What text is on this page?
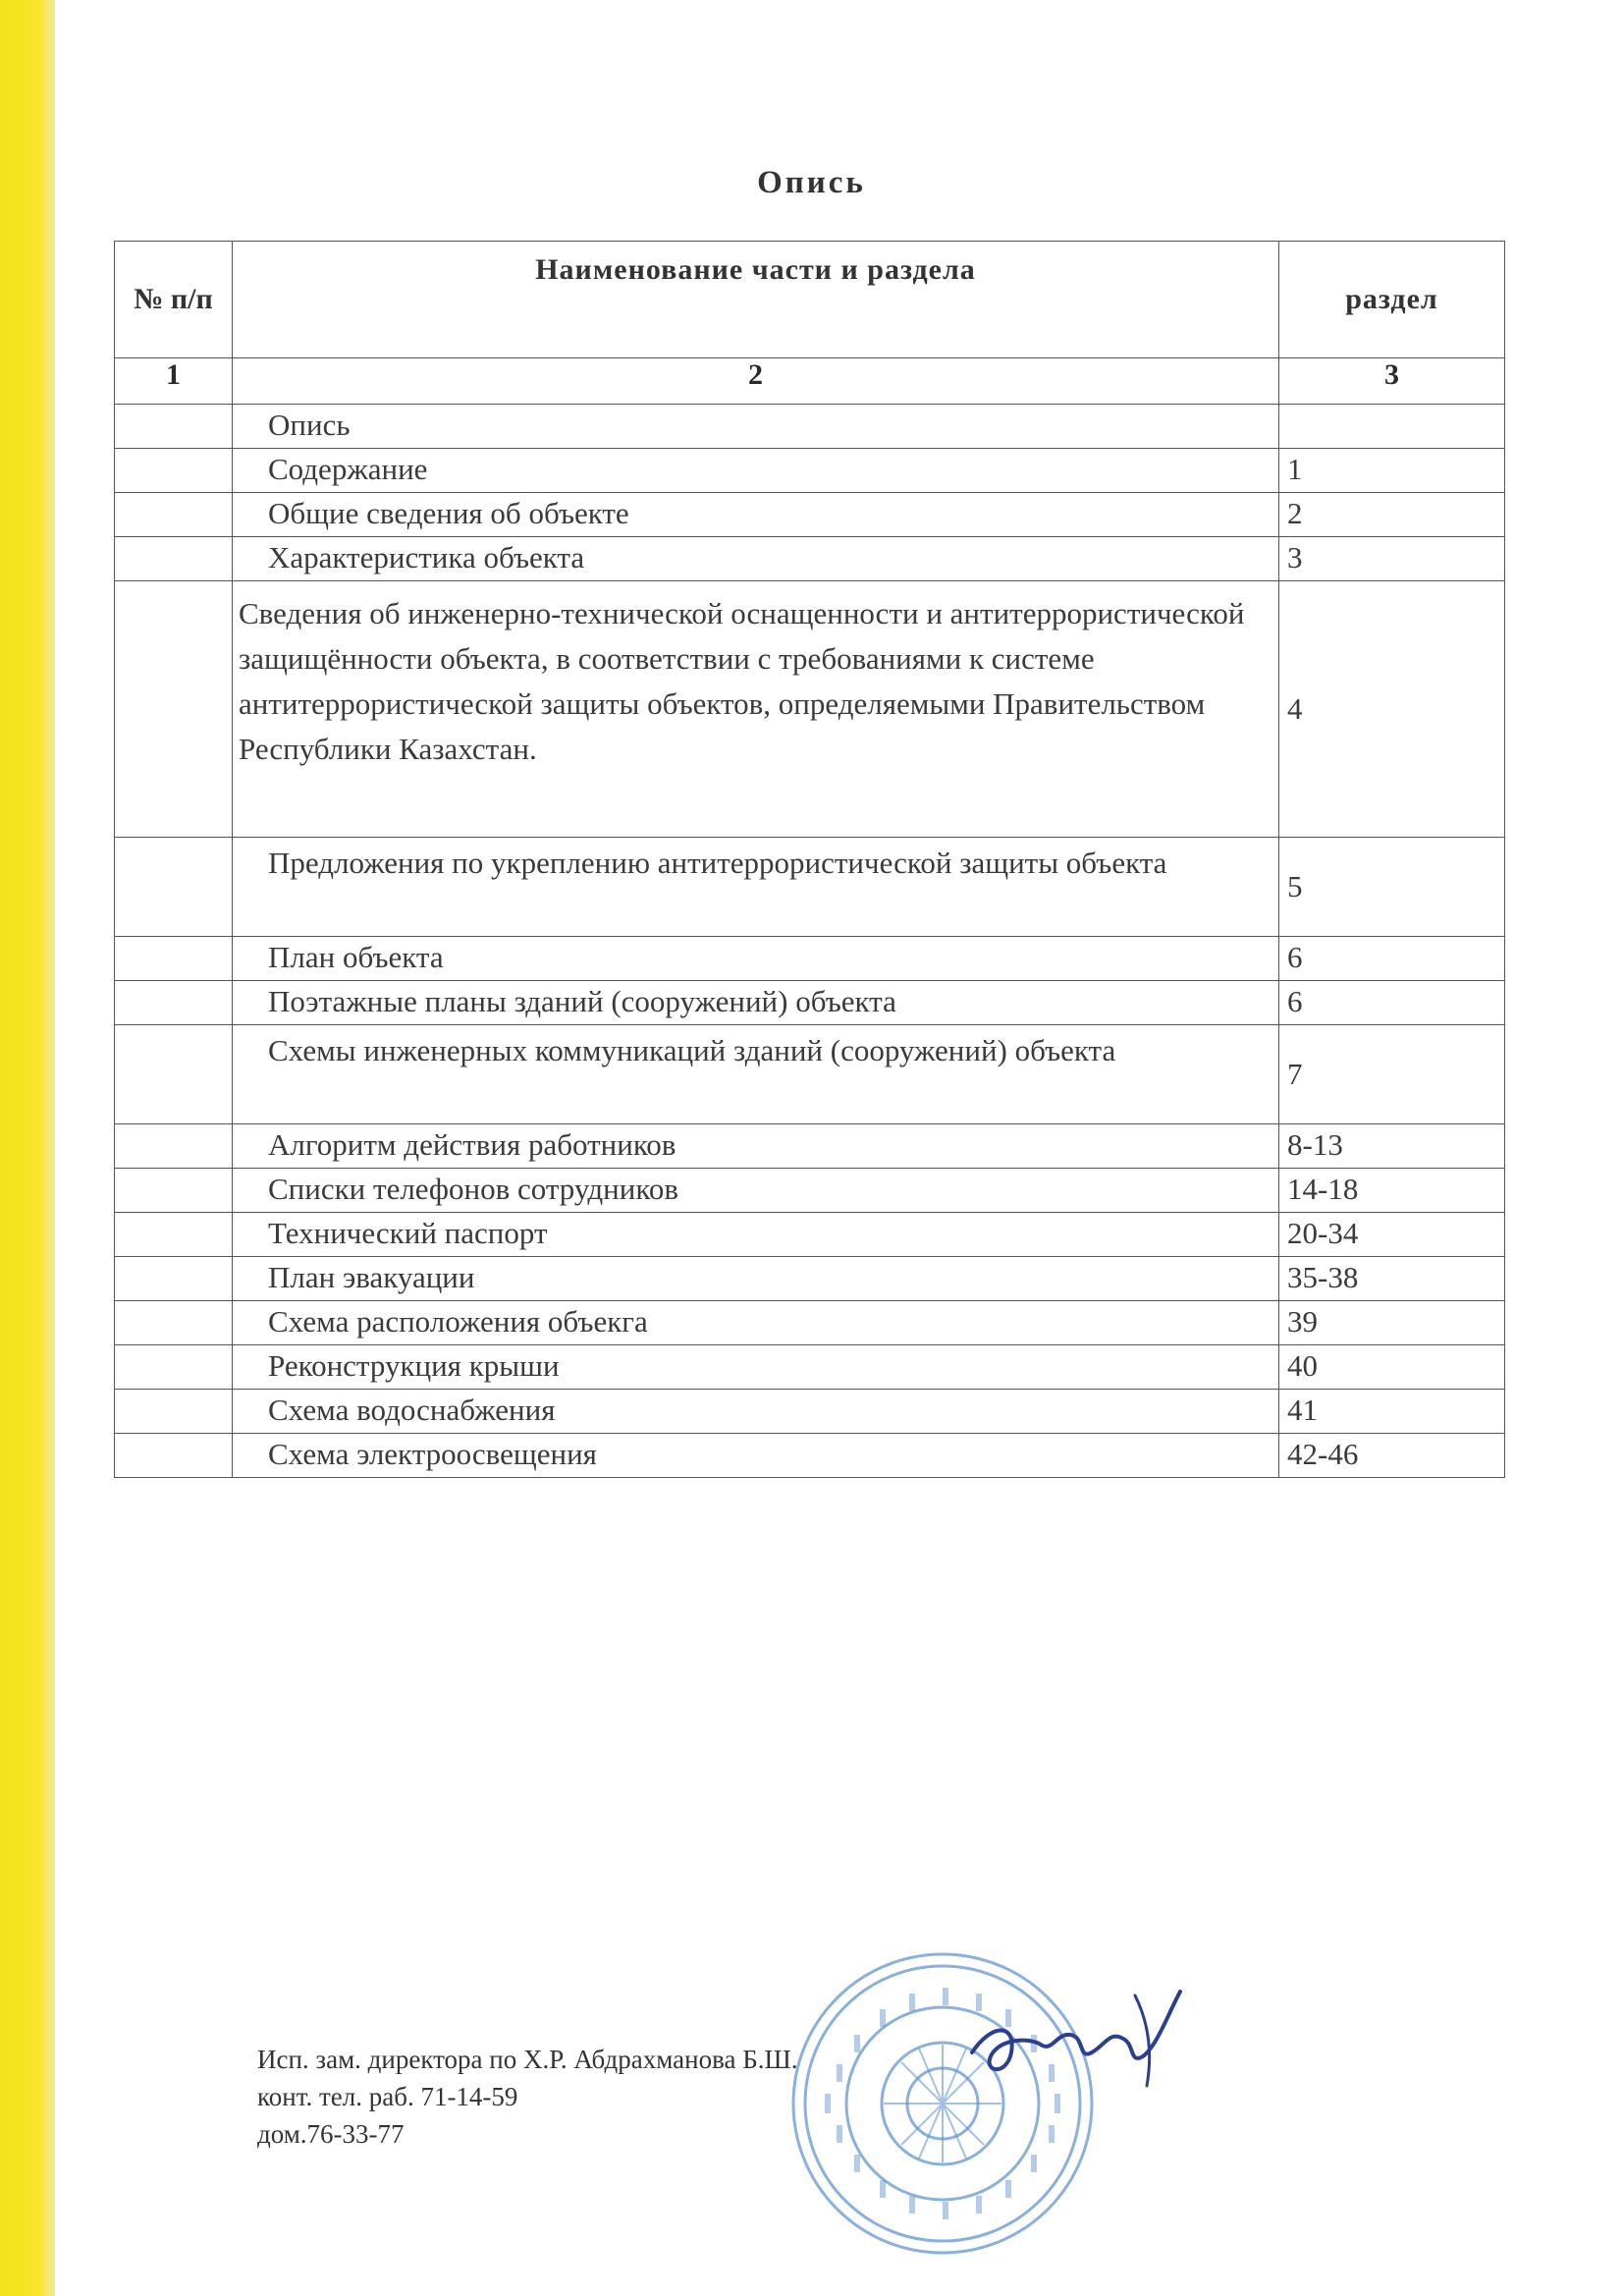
Опись
№ п/п	Наименование части и раздела	раздел
1	2	3
	Опись	
	Содержание	1
	Общие сведения об объекте	2
	Характеристика объекта	3
	Сведения об инженерно-технической оснащенности и антитеррористической защищённости объекта, в соответствии с требованиями к системе антитеррористической защиты объектов, определяемыми Правительством Республики Казахстан.	4
	Предложения по укреплению антитеррористической защиты объекта	5
	План объекта	6
	Поэтажные планы зданий (сооружений) объекта	6
	Схемы инженерных коммуникаций зданий (сооружений) объекта	7
	Алгоритм действия работников	8-13
	Списки телефонов сотрудников	14-18
	Технический паспорт	20-34
	План эвакуации	35-38
	Схема расположения объекга	39
	Реконструкция крыши	40
	Схема водоснабжения	41
	Схема электроосвещения	42-46
Исп. зам. директора по Х.Р. Абдрахманова Б.Ш.
конт. тел. раб. 71-14-59
дом.76-33-77
